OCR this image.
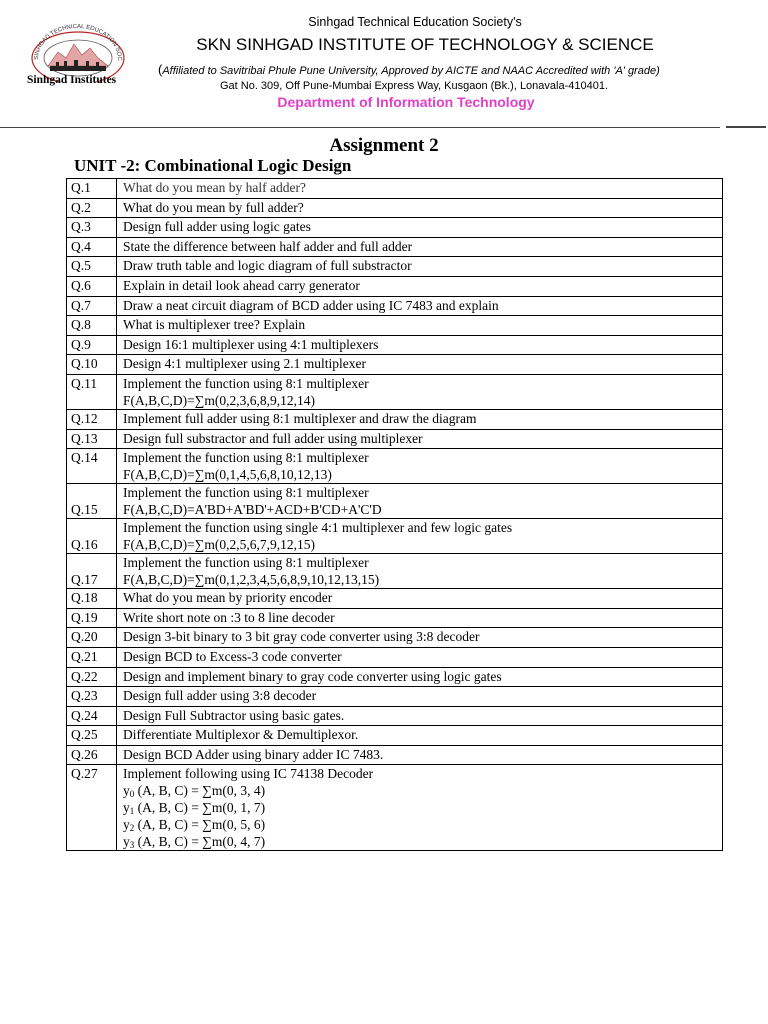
SINHGAD TECHNICAL EDUCATION SOC
Sinhgad Institutes
Sinhgad Technical Education Society's
SKN SINHGAD INSTITUTE OF TECHNOLOGY & SCIENCE
(Affiliated to Savitribai Phule Pune University, Approved by AICTE and NAAC Accredited with 'A' grade)
Gat No. 309, Off Pune-Mumbai Express Way, Kusgaon (Bk.), Lonavala-410401.
Department of Information Technology
Assignment 2
UNIT -2: Combinational Logic Design
Q.1	What do you mean by half adder?

Q.2	What do you mean by full adder?

Q.3	Design full adder using logic gates

Q.4	State the difference between half adder and full adder

Q.5	Draw truth table and logic diagram of full substractor

Q.6	Explain in detail look ahead carry generator

Q.7	Draw a neat circuit diagram of BCD adder using IC 7483 and explain

Q.8	What is multiplexer tree? Explain

Q.9	Design 16:1 multiplexer using 4:1 multiplexers

Q.10	Design 4:1 multiplexer using 2.1 multiplexer

Q.11	Implement the function using 8:1 multiplexer
F(A,B,C,D)=∑m(0,2,3,6,8,9,12,14)

Q.12	Implement full adder using 8:1 multiplexer and draw the diagram

Q.13	Design full substractor and full adder using multiplexer

Q.14	Implement the function using 8:1 multiplexer
F(A,B,C,D)=∑m(0,1,4,5,6,8,10,12,13)

Q.15	Implement the function using 8:1 multiplexer
F(A,B,C,D)=A'BD+A'BD'+ACD+B'CD+A'C'D

Q.16	Implement the function using single 4:1 multiplexer and few logic gates
F(A,B,C,D)=∑m(0,2,5,6,7,9,12,15)

Q.17	Implement the function using 8:1 multiplexer
F(A,B,C,D)=∑m(0,1,2,3,4,5,6,8,9,10,12,13,15)

Q.18	What do you mean by priority encoder

Q.19	Write short note on :3 to 8 line decoder

Q.20	Design 3-bit binary to 3 bit gray code converter using 3:8 decoder

Q.21	Design BCD to Excess-3 code converter

Q.22	Design and implement binary to gray code converter using logic gates

Q.23	Design full adder using 3:8 decoder

Q.24	Design Full Subtractor using basic gates.

Q.25	Differentiate Multiplexor & Demultiplexor.

Q.26	Design BCD Adder using binary adder IC 7483.

Q.27	Implement following using IC 74138 Decoder
$y_0$ (A, B, C) = ∑m(0, 3, 4)
$y_1$ (A, B, C) = ∑m(0, 1, 7)
$y_2$ (A, B, C) = ∑m(0, 5, 6)
$y_3$ (A, B, C) = ∑m(0, 4, 7)
